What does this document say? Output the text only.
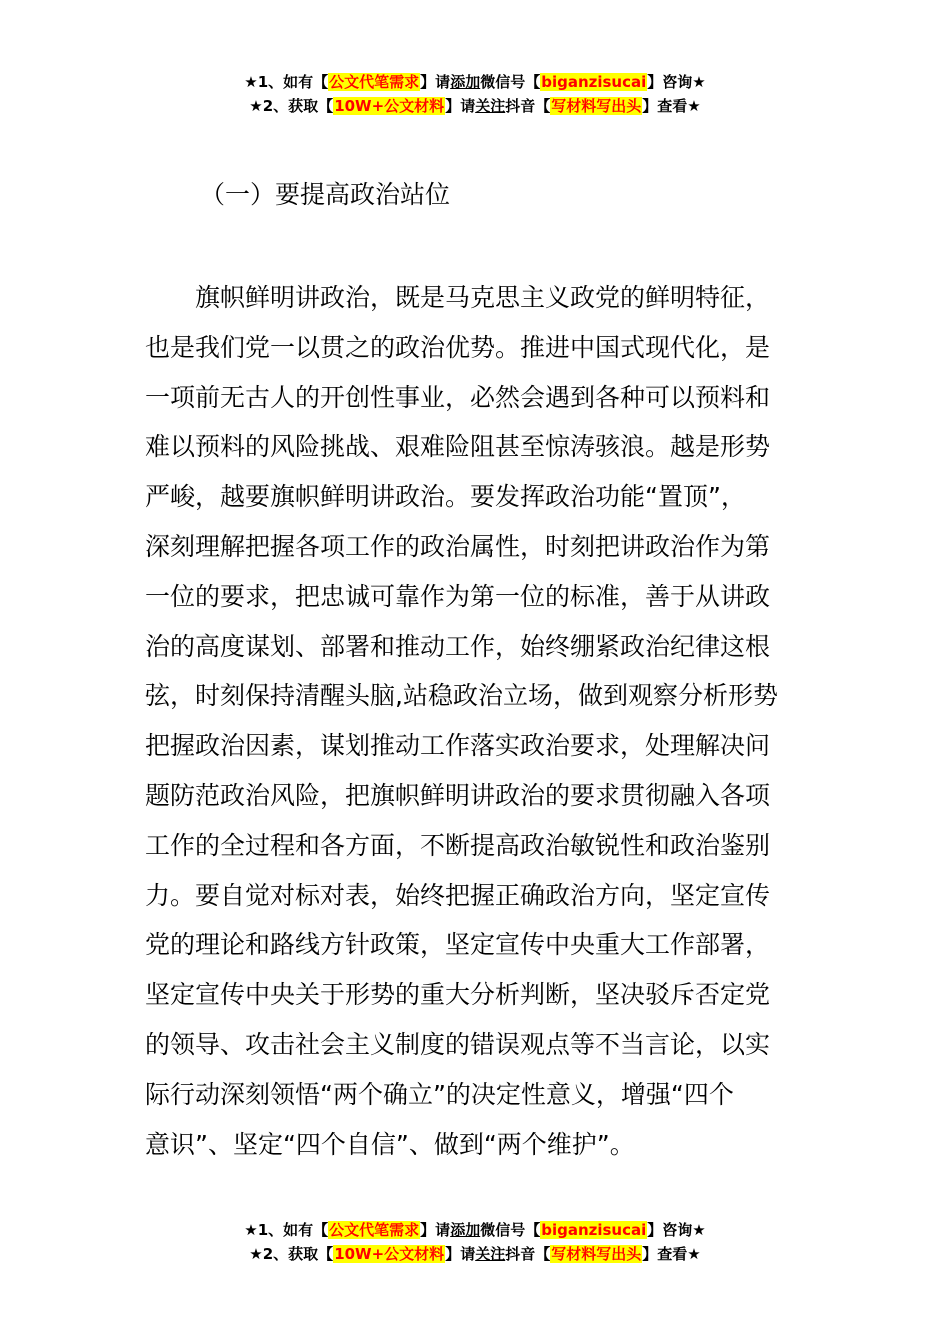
★1、如有【公文代笔需求】请添加微信号【biganzisucai】咨询★
★2、获取【10W+公文材料】请关注抖音【写材料写出头】查看★
（一）要提高政治站位
　　旗帜鲜明讲政治，既是马克思主义政党的鲜明特征，
也是我们党一以贯之的政治优势。推进中国式现代化，是
一项前无古人的开创性事业，必然会遇到各种可以预料和
难以预料的风险挑战、艰难险阻甚至惊涛骇浪。越是形势
严峻，越要旗帜鲜明讲政治。要发挥政治功能“置顶”，
深刻理解把握各项工作的政治属性，时刻把讲政治作为第
一位的要求，把忠诚可靠作为第一位的标准，善于从讲政
治的高度谋划、部署和推动工作，始终绷紧政治纪律这根
弦，时刻保持清醒头脑,站稳政治立场，做到观察分析形势
把握政治因素，谋划推动工作落实政治要求，处理解决问
题防范政治风险，把旗帜鲜明讲政治的要求贯彻融入各项
工作的全过程和各方面，不断提高政治敏锐性和政治鉴别
力。要自觉对标对表，始终把握正确政治方向，坚定宣传
党的理论和路线方针政策，坚定宣传中央重大工作部署，
坚定宣传中央关于形势的重大分析判断，坚决驳斥否定党
的领导、攻击社会主义制度的错误观点等不当言论，以实
际行动深刻领悟“两个确立”的决定性意义，增强“四个
意识”、坚定“四个自信”、做到“两个维护”。
★1、如有【公文代笔需求】请添加微信号【biganzisucai】咨询★
★2、获取【10W+公文材料】请关注抖音【写材料写出头】查看★
